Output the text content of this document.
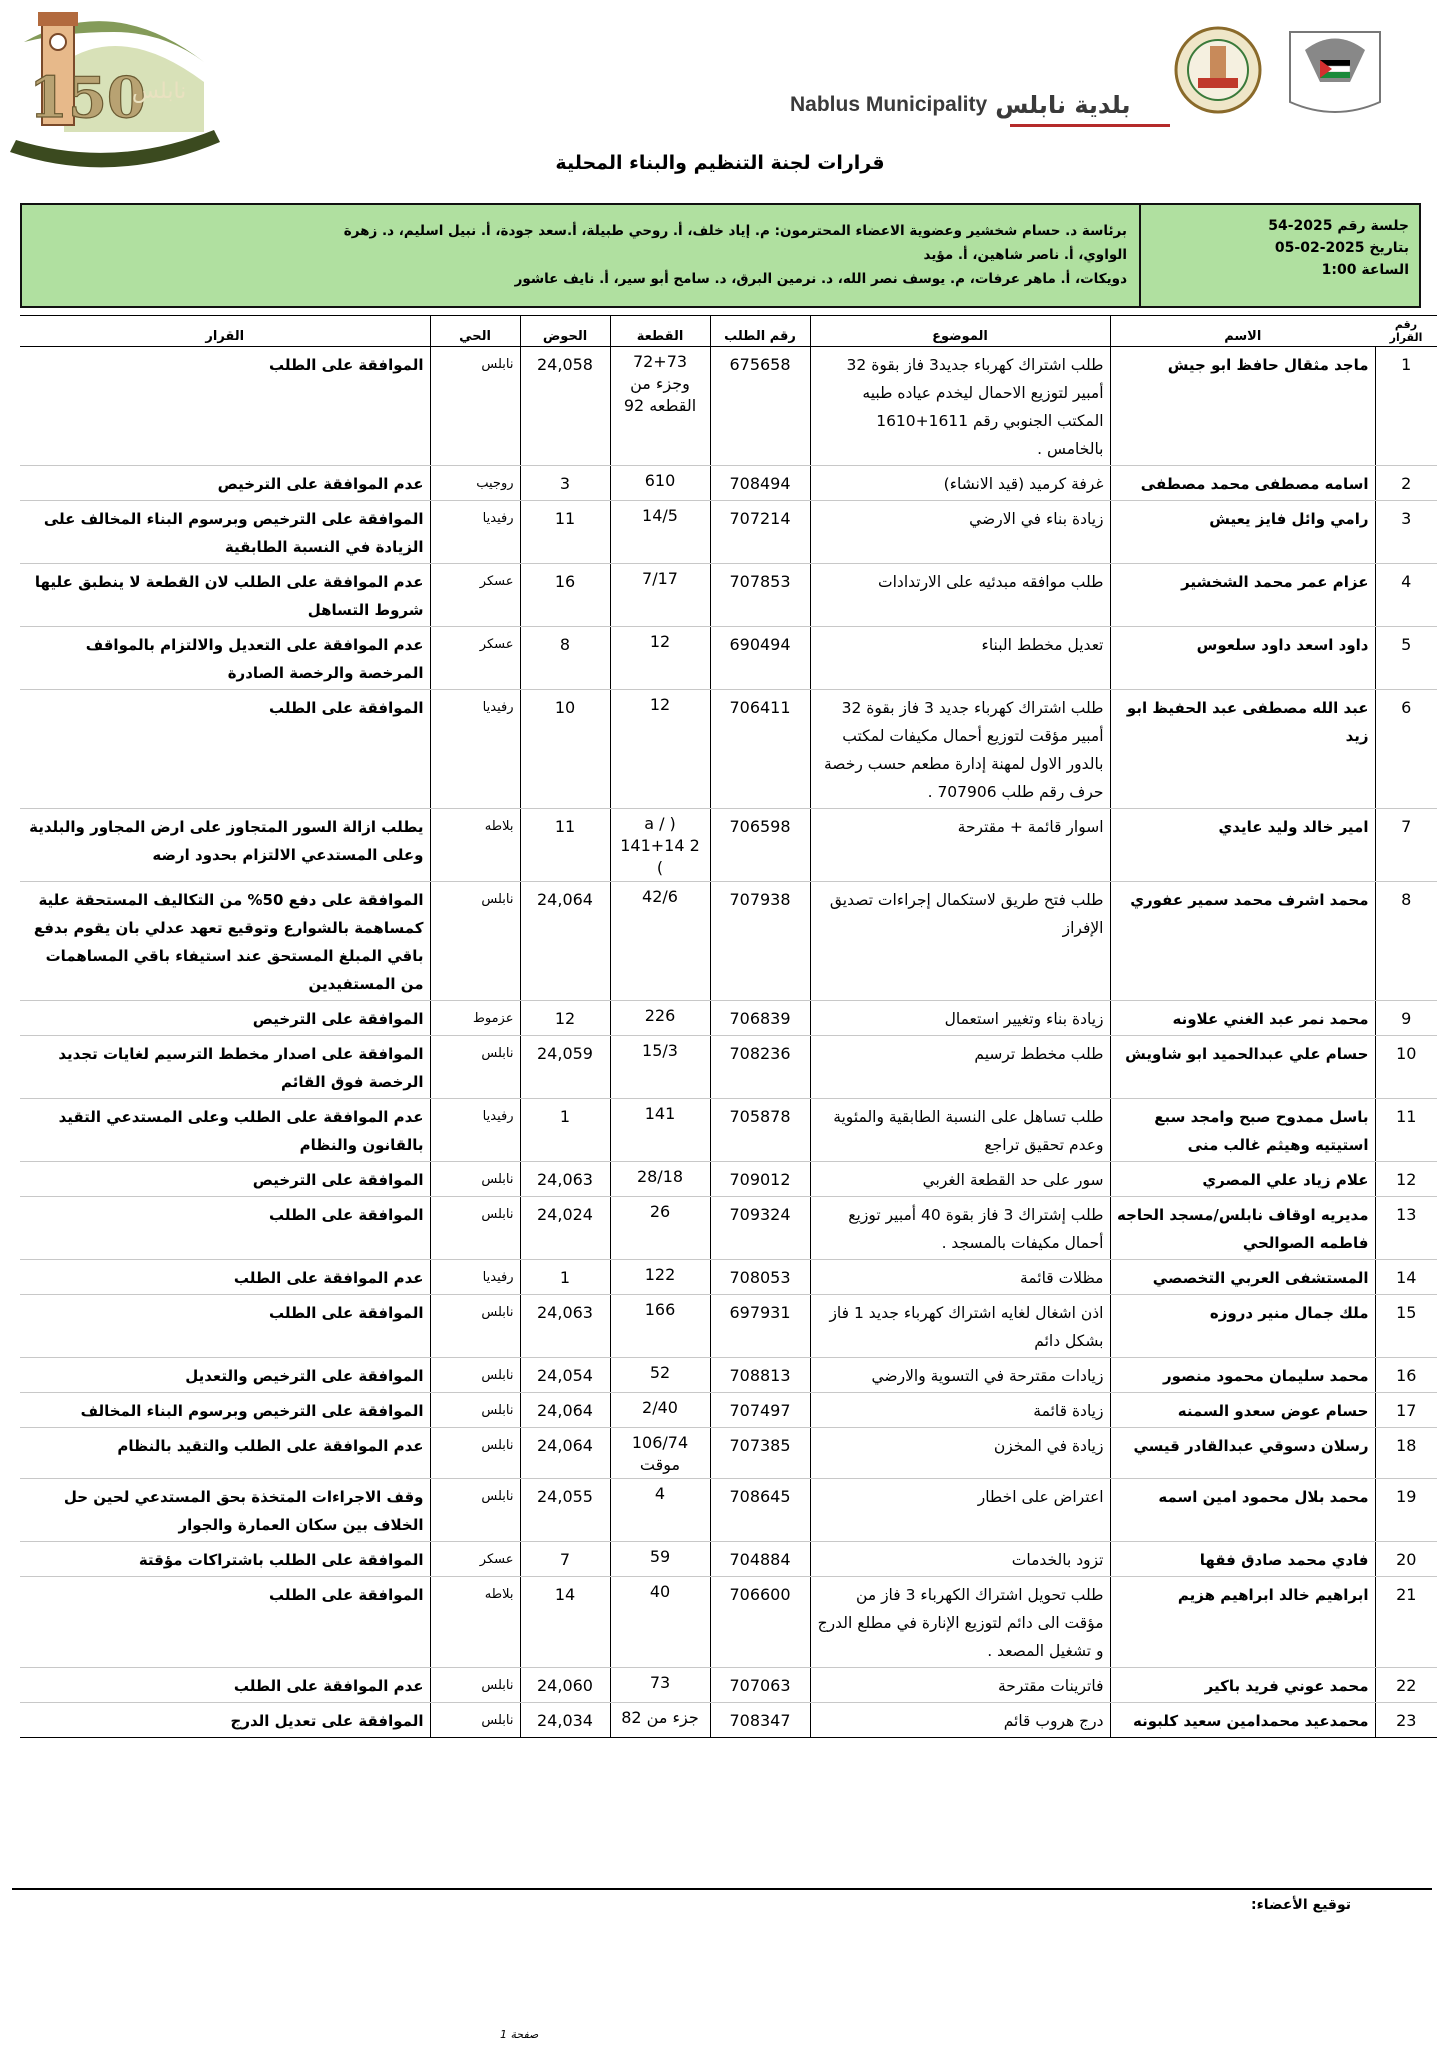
150
نابلس
Nablus Municipality بلدية نابلس
قرارات لجنة التنظيم والبناء المحلية
جلسة رقم 2025-54
بتاريخ 2025-02-05
الساعة 1:00
برئاسة د. حسام شخشير وعضوية الاعضاء المحترمون: م. إياد خلف، أ. روحي طبيلة، أ.سعد جودة، أ. نبيل اسليم، د. زهرة الواوي، أ. ناصر شاهين، أ. مؤيد
دويكات، أ. ماهر عرفات، م. يوسف نصر الله، د. نرمين البرق، د. سامح أبو سير، أ. نايف عاشور
رقم القرار	الاسم	الموضوع	رقم الطلب	القطعة	الحوض	الحي	القرار
1	ماجد مثقال حافظ ابو جيش	طلب اشتراك كهرباء جديد3 فاز بقوة 32 أمبير لتوزيع الاحمال ليخدم عياده طبيه المكتب الجنوبي رقم 1611+1610 بالخامس .	675658	72+73 وجزء من القطعه 92	24,058	نابلس	الموافقة على الطلب
2	اسامه مصطفى محمد مصطفى	غرفة كرميد (قيد الانشاء)	708494	610	3	روجيب	عدم الموافقة على الترخيص
3	رامي وائل فايز يعيش	زيادة بناء في الارضي	707214	14/5	11	رفيديا	الموافقة على الترخيص وبرسوم البناء المخالف على الزيادة في النسبة الطابقية
4	عزام عمر محمد الشخشير	طلب موافقه مبدئيه على الارتدادات	707853	7/17	16	عسكر	عدم الموافقة على الطلب لان القطعة لا ينطبق عليها شروط التساهل
5	داود اسعد داود سلعوس	تعديل مخطط البناء	690494	12	8	عسكر	عدم الموافقة على التعديل والالتزام بالمواقف المرخصة والرخصة الصادرة
6	عبد الله مصطفى عبد الحفيظ ابو زيد	طلب اشتراك كهرباء جديد 3 فاز بقوة 32 أمبير مؤقت لتوزيع أحمال مكيفات لمكتب بالدور الاول لمهنة إدارة مطعم حسب رخصة حرف رقم طلب 707906 .	706411	12	10	رفيديا	الموافقة على الطلب
7	امير خالد وليد عايدي	اسوار قائمة + مقترحة	706598	( a / 141+14 2 )	11	بلاطه	يطلب ازالة السور المتجاوز على ارض المجاور والبلدية وعلى المستدعي الالتزام بحدود ارضه
8	محمد اشرف محمد سمير عفوري	طلب فتح طريق لاستكمال إجراءات تصديق الإفراز	707938	42/6	24,064	نابلس	الموافقة على دفع 50% من التكاليف المستحقة علية كمساهمة بالشوارع وتوقيع تعهد عدلي بان يقوم بدفع باقي المبلغ المستحق عند استيفاء باقي المساهمات من المستفيدين
9	محمد نمر عبد الغني علاونه	زيادة بناء وتغيير استعمال	706839	226	12	عزموط	الموافقة على الترخيص
10	حسام علي عبدالحميد ابو شاويش	طلب مخطط ترسيم	708236	15/3	24,059	نابلس	الموافقة على اصدار مخطط الترسيم لغايات تجديد الرخصة فوق القائم
11	باسل ممدوح صبح وامجد سبع استيتيه وهيثم غالب منى	طلب تساهل على النسبة الطابقية والمئوية وعدم تحقيق تراجع	705878	141	1	رفيديا	عدم الموافقة على الطلب وعلى المستدعي التقيد بالقانون والنظام
12	علام زياد علي المصري	سور على حد القطعة الغربي	709012	28/18	24,063	نابلس	الموافقة على الترخيص
13	مديريه اوقاف نابلس/مسجد الحاجه فاطمه الصوالحي	طلب إشتراك 3 فاز بقوة 40 أمبير توزيع أحمال مكيفات بالمسجد .	709324	26	24,024	نابلس	الموافقة على الطلب
14	المستشفى العربي التخصصي	مظلات قائمة	708053	122	1	رفيديا	عدم الموافقة على الطلب
15	ملك جمال منير دروزه	اذن اشغال لغايه اشتراك كهرباء جديد 1 فاز بشكل دائم	697931	166	24,063	نابلس	الموافقة على الطلب
16	محمد سليمان محمود منصور	زيادات مقترحة في التسوية والارضي	708813	52	24,054	نابلس	الموافقة على الترخيص والتعديل
17	حسام عوض سعدو السمنه	زيادة قائمة	707497	2/40	24,064	نابلس	الموافقة على الترخيص وبرسوم البناء المخالف
18	رسلان دسوقي عبدالقادر قيسي	زيادة في المخزن	707385	106/74 موقت	24,064	نابلس	عدم الموافقة على الطلب والتقيد بالنظام
19	محمد بلال محمود امين اسمه	اعتراض على اخطار	708645	4	24,055	نابلس	وقف الاجراءات المتخذة بحق المستدعي لحين حل الخلاف بين سكان العمارة والجوار
20	فادي محمد صادق فقها	تزود بالخدمات	704884	59	7	عسكر	الموافقة على الطلب باشتراكات مؤقتة
21	ابراهيم خالد ابراهيم هزيم	طلب تحويل اشتراك الكهرباء 3 فاز من مؤقت الى دائم لتوزيع الإنارة في مطلع الدرج و تشغيل المصعد .	706600	40	14	بلاطه	الموافقة على الطلب
22	محمد عوني فريد باكير	فاترينات مقترحة	707063	73	24,060	نابلس	عدم الموافقة على الطلب
23	محمدعيد محمدامين سعيد كلبونه	درج هروب قائم	708347	جزء من 82	24,034	نابلس	الموافقة على تعديل الدرج
توقيع الأعضاء:
صفحة 1
